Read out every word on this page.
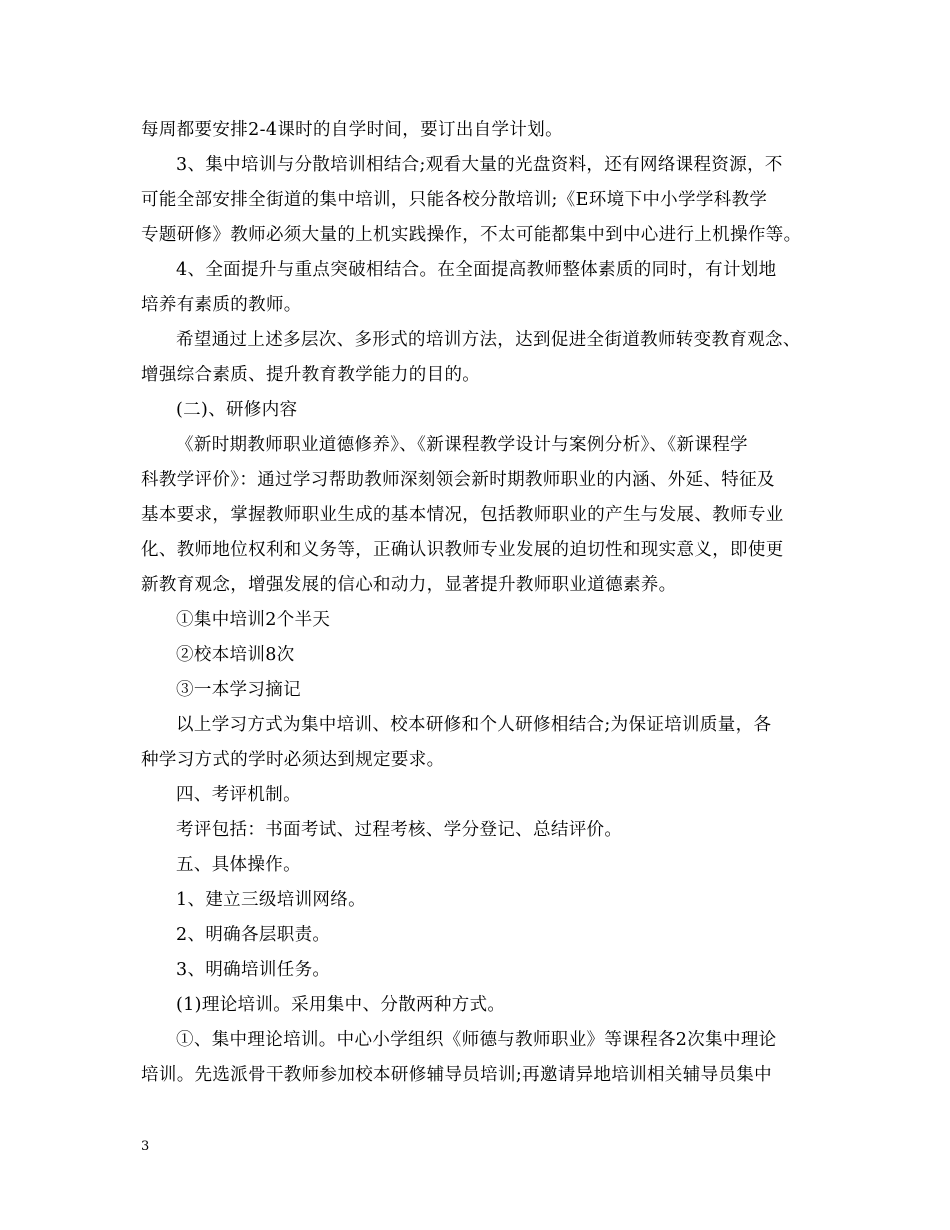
每周都要安排2-4课时的自学时间，要订出自学计划。
3、集中培训与分散培训相结合;观看大量的光盘资料，还有网络课程资源，不
可能全部安排全街道的集中培训，只能各校分散培训;《E环境下中小学学科教学
专题研修》教师必须大量的上机实践操作，不太可能都集中到中心进行上机操作等。
4、全面提升与重点突破相结合。在全面提高教师整体素质的同时，有计划地
培养有素质的教师。
希望通过上述多层次、多形式的培训方法，达到促进全街道教师转变教育观念、
增强综合素质、提升教育教学能力的目的。
(二)、研修内容
《新时期教师职业道德修养》、《新课程教学设计与案例分析》、《新课程学
科教学评价》：通过学习帮助教师深刻领会新时期教师职业的内涵、外延、特征及
基本要求，掌握教师职业生成的基本情况，包括教师职业的产生与发展、教师专业
化、教师地位权利和义务等，正确认识教师专业发展的迫切性和现实意义，即使更
新教育观念，增强发展的信心和动力，显著提升教师职业道德素养。
①集中培训2个半天
②校本培训8次
③一本学习摘记
以上学习方式为集中培训、校本研修和个人研修相结合;为保证培训质量，各
种学习方式的学时必须达到规定要求。
四、考评机制。
考评包括：书面考试、过程考核、学分登记、总结评价。
五、具体操作。
1、建立三级培训网络。
2、明确各层职责。
3、明确培训任务。
(1)理论培训。采用集中、分散两种方式。
①、集中理论培训。中心小学组织《师德与教师职业》等课程各2次集中理论
培训。先选派骨干教师参加校本研修辅导员培训;再邀请异地培训相关辅导员集中
3
